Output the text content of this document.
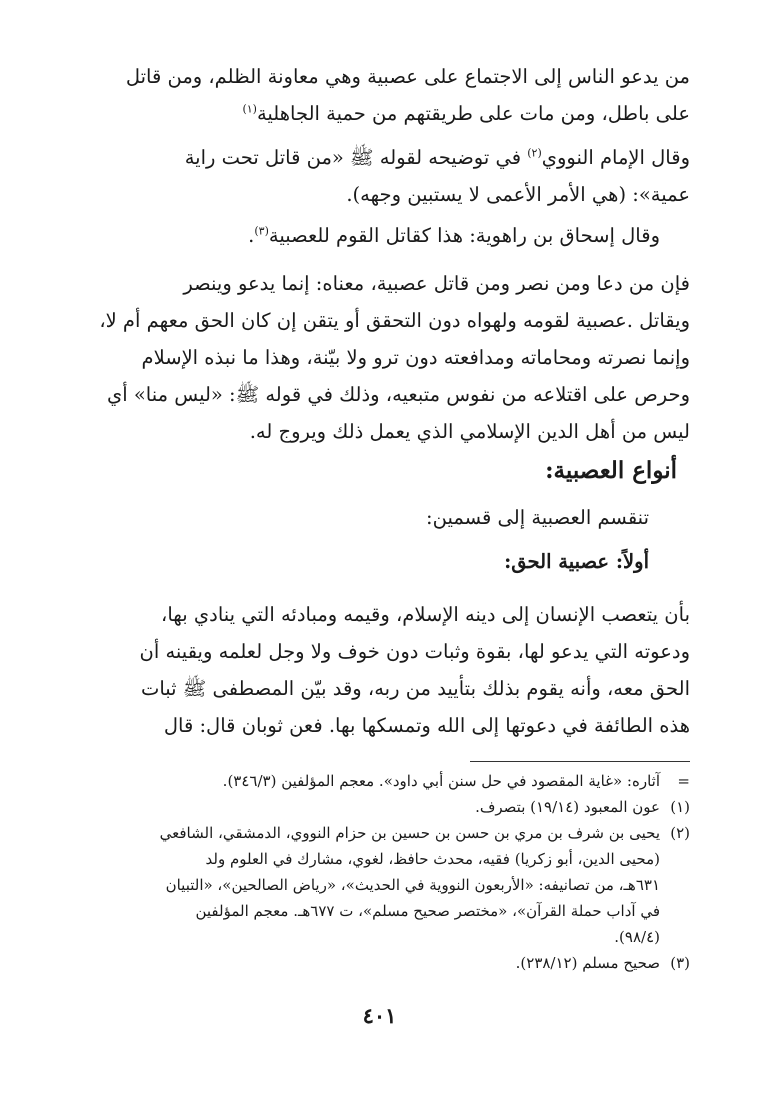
من يدعو الناس إلى الاجتماع على عصبية وهي معاونة الظلم، ومن قاتل
على باطل، ومن مات على طريقتهم من حمية الجاهلية$^{(١)}$
وقال الإمام النووي$^{(٢)}$ في توضيحه لقوله ﷺ «من قاتل تحت راية
عمية»: (هي الأمر الأعمى لا يستبين وجهه).
وقال إسحاق بن راهوية: هذا كقاتل القوم للعصبية$^{(٣)}$.
فإن من دعا ومن نصر ومن قاتل عصبية، معناه: إنما يدعو وينصر
ويقاتل .عصبية لقومه ولهواه دون التحقق أو يتقن إن كان الحق معهم أم لا،
وإنما نصرته ومحاماته ومدافعته دون ترو ولا بيّنة، وهذا ما نبذه الإسلام
وحرص على اقتلاعه من نفوس متبعيه، وذلك في قوله ﷺ: «ليس منا» أي
ليس من أهل الدين الإسلامي الذي يعمل ذلك ويروج له.
أنواع العصبية:
تنقسم العصبية إلى قسمين:
أولاً: عصبية الحق:
بأن يتعصب الإنسان إلى دينه الإسلام، وقيمه ومبادئه التي ينادي بها،
ودعوته التي يدعو لها، بقوة وثبات دون خوف ولا وجل لعلمه ويقينه أن
الحق معه، وأنه يقوم بذلك بتأييد من ربه، وقد بيّن المصطفى ﷺ ثبات
هذه الطائفة في دعوتها إلى الله وتمسكها بها. فعن ثوبان قال: قال
=آثاره: «غاية المقصود في حل سنن أبي داود». معجم المؤلفين (٣٤٦/٣).
(١)عون المعبود (١٩/١٤) بتصرف.
(٢)يحيى بن شرف بن مري بن حسن بن حسين بن حزام النووي، الدمشقي، الشافعي
(محيى الدين، أبو زكريا) فقيه، محدث حافظ، لغوي، مشارك في العلوم ولد
٦٣١هـ، من تصانيفه: «الأربعون النووية في الحديث»، «رياض الصالحين»، «التبيان
في آداب حملة القرآن»، «مختصر صحيح مسلم»، ت ٦٧٧هـ. معجم المؤلفين
(٩٨/٤).
(٣)صحيح مسلم (٢٣٨/١٢).
٤٠١
